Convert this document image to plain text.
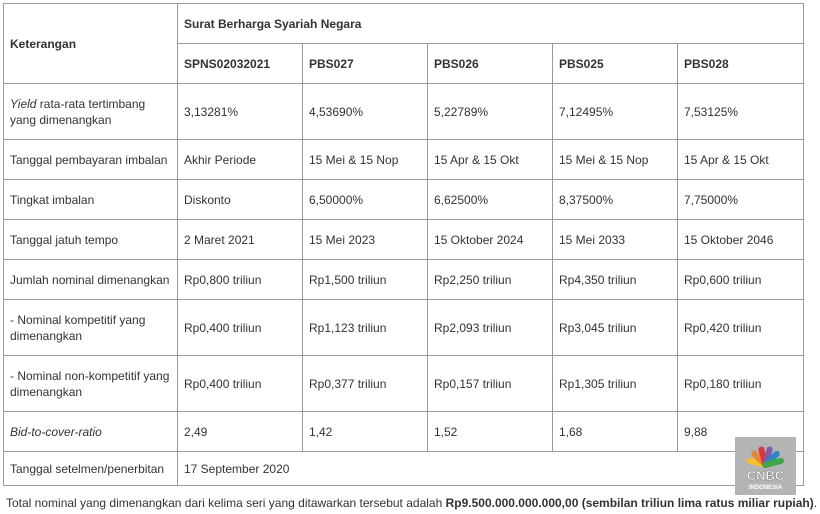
Keterangan	Surat Berharga Syariah Negara				
	SPNS02032021	PBS027	PBS026	PBS025	PBS028
Yield rata-rata tertimbang yang dimenangkan	3,13281%	4,53690%	5,22789%	7,12495%	7,53125%
Tanggal pembayaran imbalan	Akhir Periode	15 Mei & 15 Nop	15 Apr & 15 Okt	15 Mei & 15 Nop	15 Apr & 15 Okt
Tingkat imbalan	Diskonto	6,50000%	6,62500%	8,37500%	7,75000%
Tanggal jatuh tempo	2 Maret 2021	15 Mei 2023	15 Oktober 2024	15 Mei 2033	15 Oktober 2046
Jumlah nominal dimenangkan	Rp0,800 triliun	Rp1,500 triliun	Rp2,250 triliun	Rp4,350 triliun	Rp0,600 triliun
- Nominal kompetitif yang dimenangkan	Rp0,400 triliun	Rp1,123 triliun	Rp2,093 triliun	Rp3,045 triliun	Rp0,420 triliun
- Nominal non-kompetitif yang dimenangkan	Rp0,400 triliun	Rp0,377 triliun	Rp0,157 triliun	Rp1,305 triliun	Rp0,180 triliun
Bid-to-cover-ratio	2,49	1,42	1,52	1,68	9,88
Tanggal setelmen/penerbitan	17 September 2020					CNBC
INDONESIA
Total nominal yang dimenangkan dari kelima seri yang ditawarkan tersebut adalah Rp9.500.000.000.000,00 (sembilan triliun lima ratus miliar rupiah).
